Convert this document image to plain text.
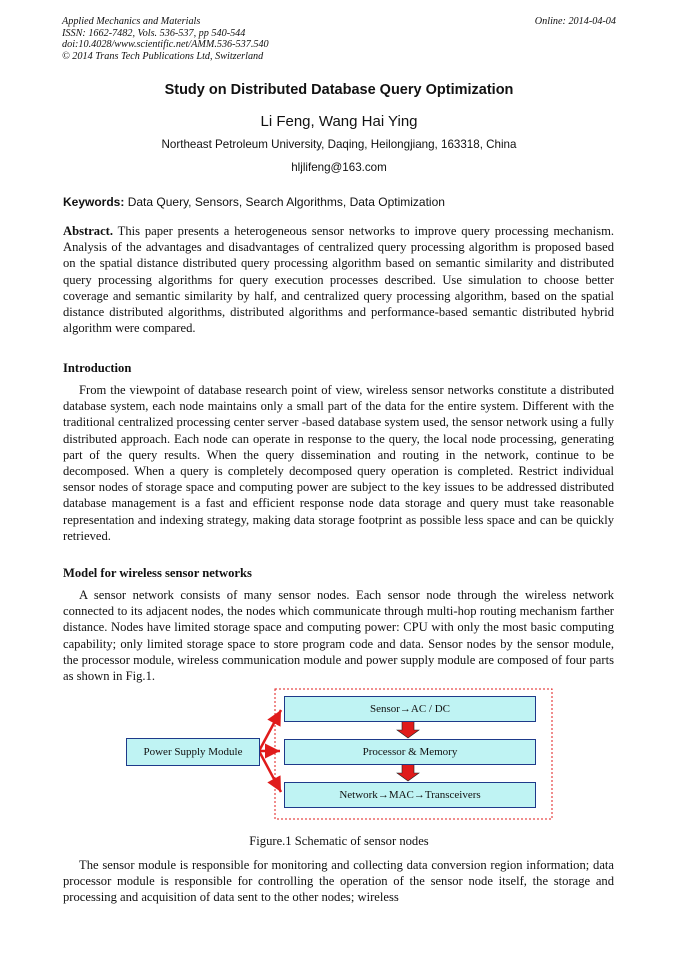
Applied Mechanics and Materials
ISSN: 1662-7482, Vols. 536-537, pp 540-544
doi:10.4028/www.scientific.net/AMM.536-537.540
© 2014 Trans Tech Publications Ltd, Switzerland
Online: 2014-04-04
Study on Distributed Database Query Optimization
Li Feng, Wang Hai Ying
Northeast Petroleum University, Daqing, Heilongjiang, 163318, China
hljlifeng@163.com
Keywords: Data Query, Sensors, Search Algorithms, Data Optimization
Abstract. This paper presents a heterogeneous sensor networks to improve query processing mechanism. Analysis of the advantages and disadvantages of centralized query processing algorithm is proposed based on the spatial distance distributed query processing algorithm based on semantic similarity and distributed query processing algorithms for query execution processes described. Use simulation to choose better coverage and semantic similarity by half, and centralized query processing algorithm, based on the spatial distance distributed algorithms, distributed algorithms and performance-based semantic distributed hybrid algorithm were compared.
Introduction
From the viewpoint of database research point of view, wireless sensor networks constitute a distributed database system, each node maintains only a small part of the data for the entire system. Different with the traditional centralized processing center server -based database system used, the sensor network using a fully distributed approach. Each node can operate in response to the query, the local node processing, generating part of the query results. When the query dissemination and routing in the network, continue to be decomposed. When a query is completely decomposed query operation is completed. Restrict individual sensor nodes of storage space and computing power are subject to the key issues to be addressed distributed database management is a fast and efficient response node data storage and query must take reasonable representation and indexing strategy, making data storage footprint as possible less space and can be quickly retrieved.
Model for wireless sensor networks
A sensor network consists of many sensor nodes. Each sensor node through the wireless network connected to its adjacent nodes, the nodes which communicate through multi-hop routing mechanism farther distance. Nodes have limited storage space and computing power: CPU with only the most basic computing capability; only limited storage space to store program code and data. Sensor nodes by the sensor module, the processor module, wireless communication module and power supply module are composed of four parts as shown in Fig.1.
Power Supply Module
Sensor → AC / DC
Processor & Memory
Network → MAC → Transceivers
Figure.1 Schematic of sensor nodes
The sensor module is responsible for monitoring and collecting data conversion region information; data processor module is responsible for controlling the operation of the sensor node itself, the storage and processing and acquisition of data sent to the other nodes; wireless
